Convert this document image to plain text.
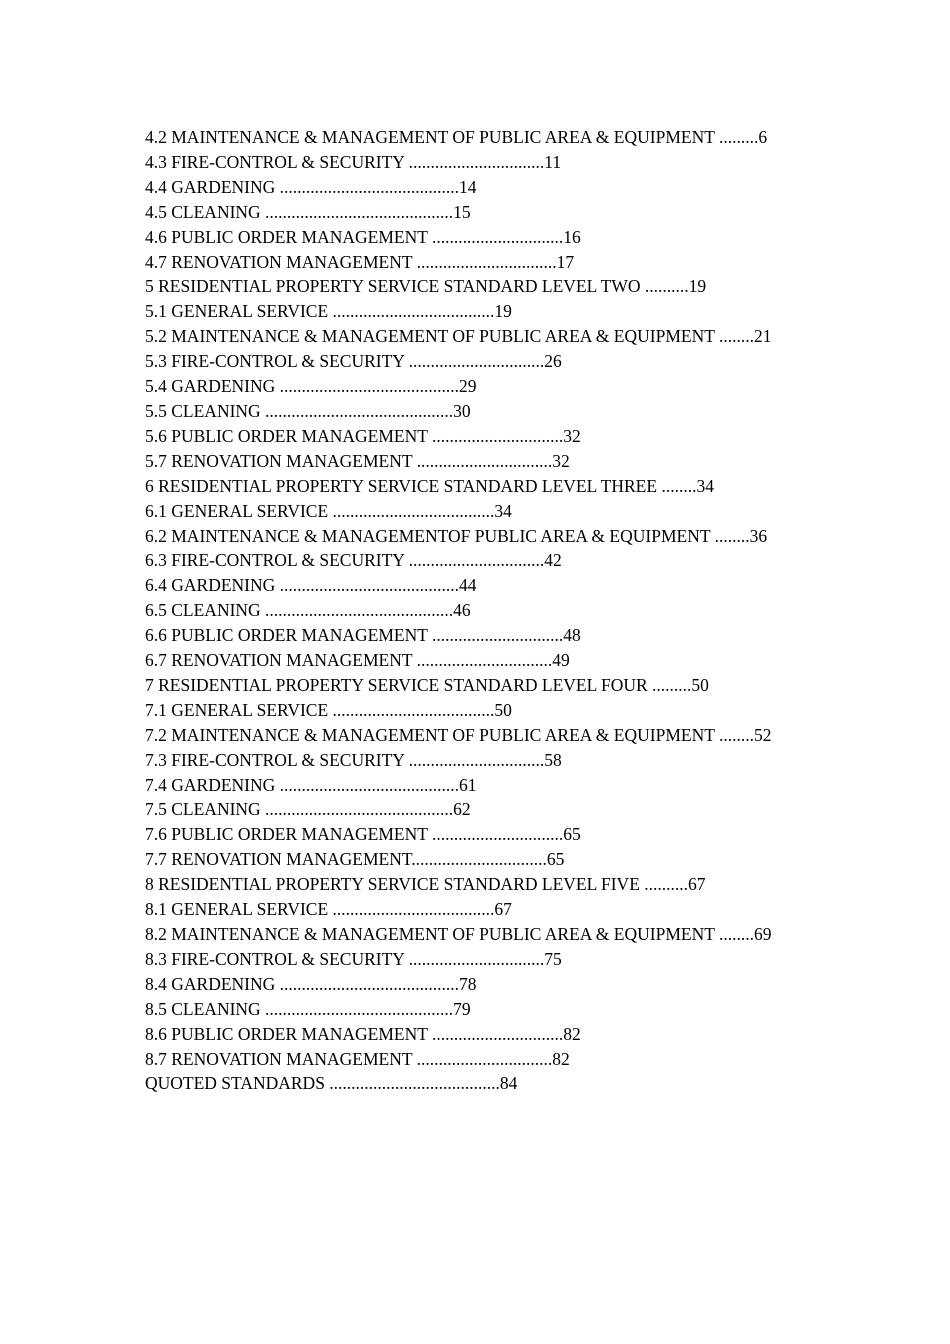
4.2 MAINTENANCE & MANAGEMENT OF PUBLIC AREA & EQUIPMENT .........6
4.3 FIRE-CONTROL & SECURITY ...............................11
4.4 GARDENING .........................................14
4.5 CLEANING ...........................................15
4.6 PUBLIC ORDER MANAGEMENT ..............................16
4.7 RENOVATION MANAGEMENT ................................17
5 RESIDENTIAL PROPERTY SERVICE STANDARD LEVEL TWO ..........19
5.1 GENERAL SERVICE .....................................19
5.2 MAINTENANCE & MANAGEMENT OF PUBLIC AREA & EQUIPMENT ........21
5.3 FIRE-CONTROL & SECURITY ...............................26
5.4 GARDENING .........................................29
5.5 CLEANING ...........................................30
5.6 PUBLIC ORDER MANAGEMENT ..............................32
5.7 RENOVATION MANAGEMENT ...............................32
6 RESIDENTIAL PROPERTY SERVICE STANDARD LEVEL THREE ........34
6.1 GENERAL SERVICE .....................................34
6.2 MAINTENANCE & MANAGEMENTOF PUBLIC AREA & EQUIPMENT ........36
6.3 FIRE-CONTROL & SECURITY ...............................42
6.4 GARDENING .........................................44
6.5 CLEANING ...........................................46
6.6 PUBLIC ORDER MANAGEMENT ..............................48
6.7 RENOVATION MANAGEMENT ...............................49
7 RESIDENTIAL PROPERTY SERVICE STANDARD LEVEL FOUR .........50
7.1 GENERAL SERVICE .....................................50
7.2 MAINTENANCE & MANAGEMENT OF PUBLIC AREA & EQUIPMENT ........52
7.3 FIRE-CONTROL & SECURITY ...............................58
7.4 GARDENING .........................................61
7.5 CLEANING ...........................................62
7.6 PUBLIC ORDER MANAGEMENT ..............................65
7.7 RENOVATION MANAGEMENT...............................65
8 RESIDENTIAL PROPERTY SERVICE STANDARD LEVEL FIVE ..........67
8.1 GENERAL SERVICE .....................................67
8.2 MAINTENANCE & MANAGEMENT OF PUBLIC AREA & EQUIPMENT ........69
8.3 FIRE-CONTROL & SECURITY ...............................75
8.4 GARDENING .........................................78
8.5 CLEANING ...........................................79
8.6 PUBLIC ORDER MANAGEMENT ..............................82
8.7 RENOVATION MANAGEMENT ...............................82
QUOTED STANDARDS .......................................84
